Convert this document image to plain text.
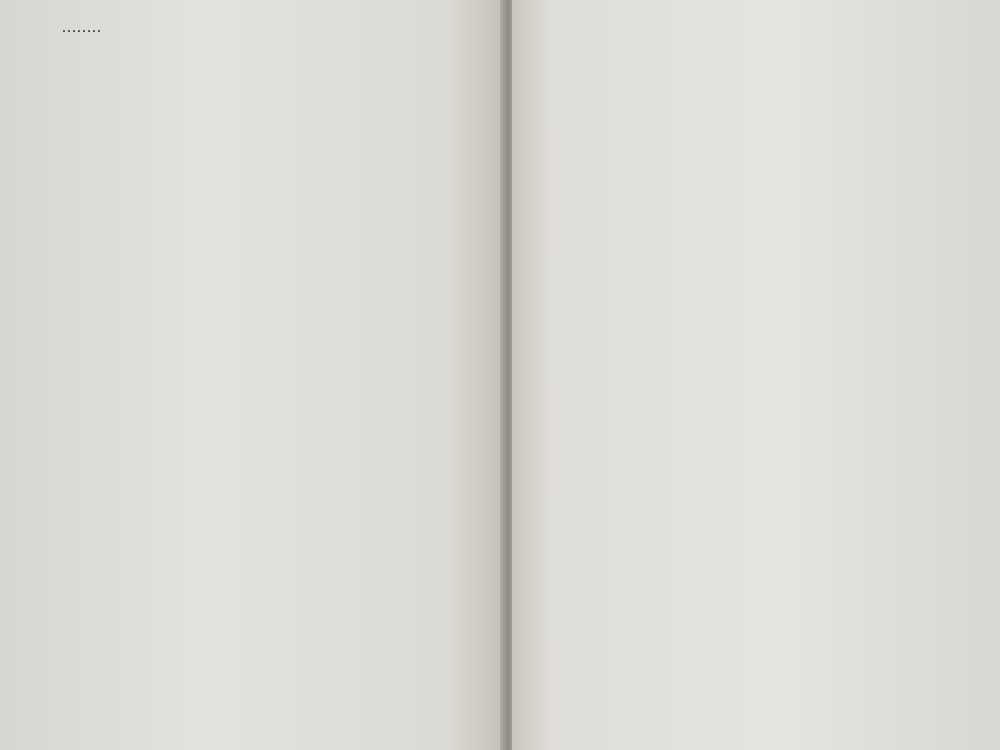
........
